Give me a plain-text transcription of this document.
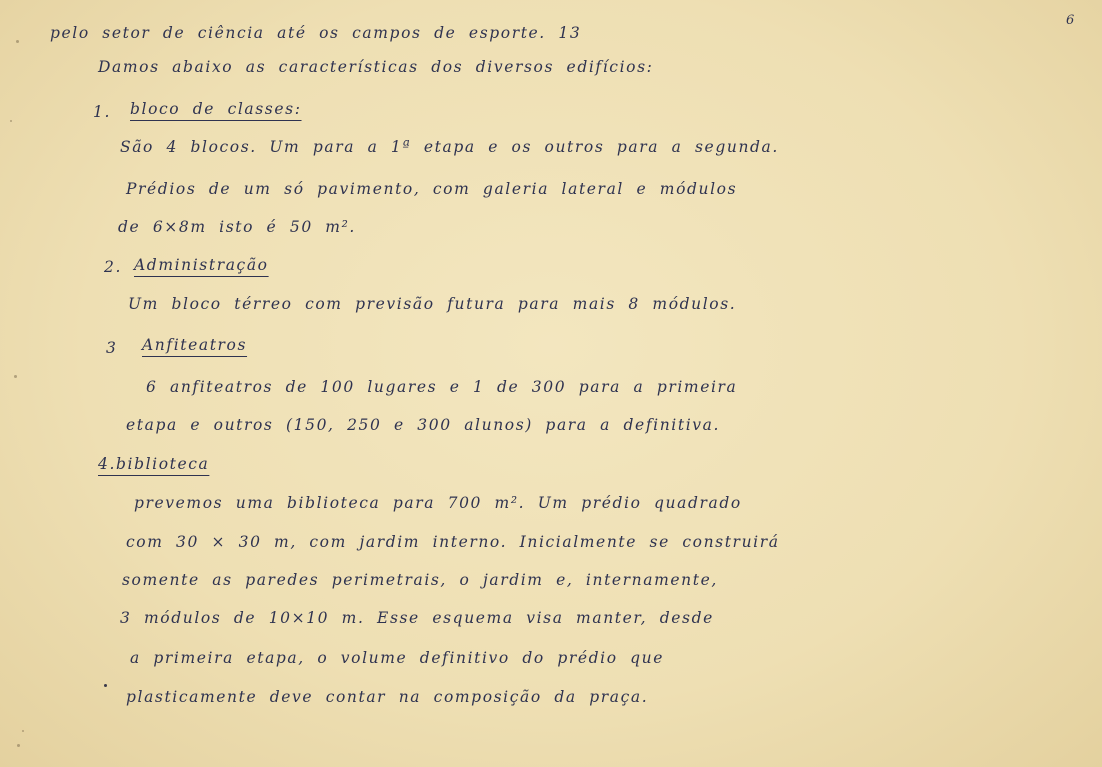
6
pelo setor de ciência até os campos de esporte. 13
Damos abaixo as características dos diversos edifícios:
1. bloco de classes:
São 4 blocos. Um para a 1ª etapa e os outros para a segunda.
Prédios de um só pavimento, com galeria lateral e módulos
de 6×8m isto é 50 m².
2. Administração
Um bloco térreo com previsão futura para mais 8 módulos.
3 Anfiteatros
6 anfiteatros de 100 lugares e 1 de 300 para a primeira
etapa e outros (150, 250 e 300 alunos) para a definitiva.
4.biblioteca
prevemos uma biblioteca para 700 m². Um prédio quadrado
com 30 × 30 m, com jardim interno. Inicialmente se construirá
somente as paredes perimetrais, o jardim e, internamente,
3 módulos de 10×10 m. Esse esquema visa manter, desde
a primeira etapa, o volume definitivo do prédio que
plasticamente deve contar na composição da praça.
